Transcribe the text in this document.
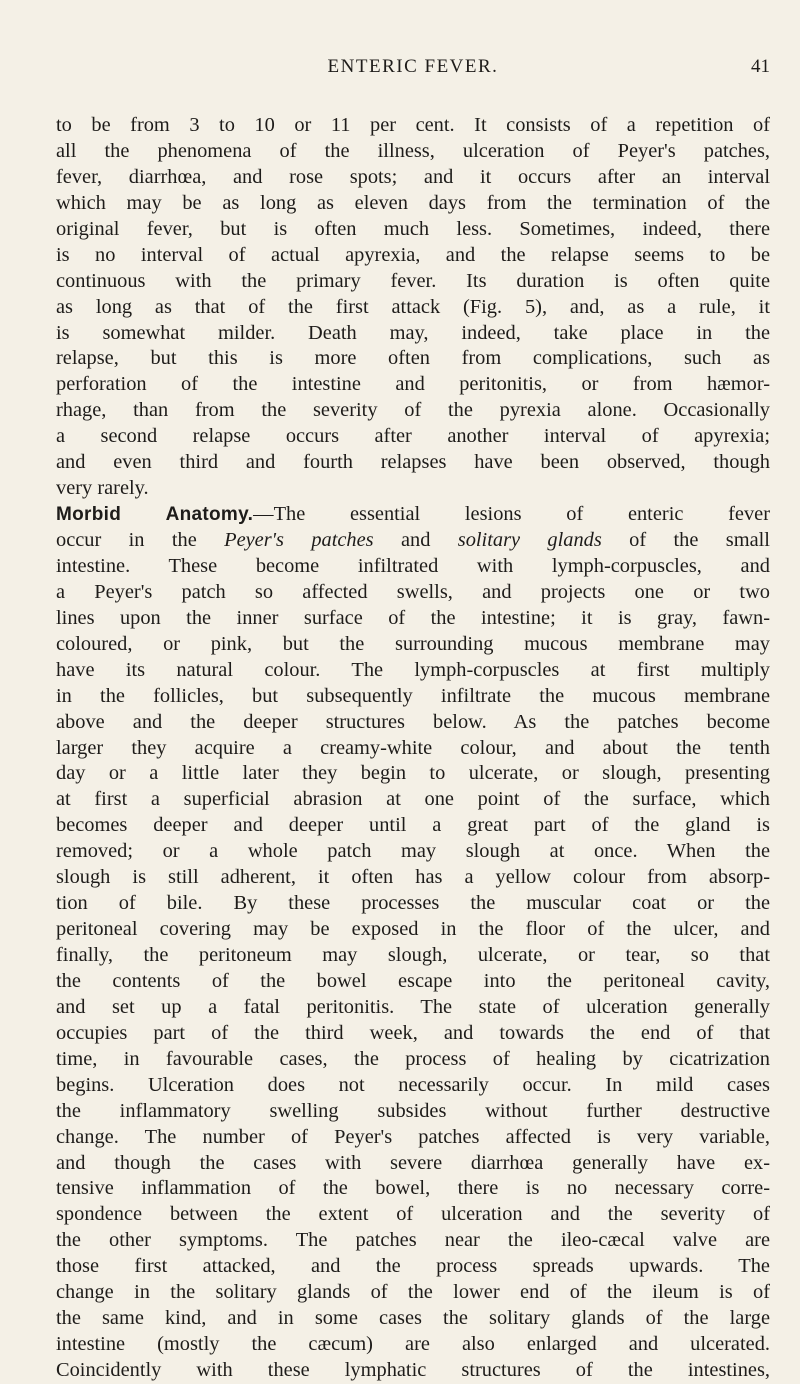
ENTERIC FEVER.	41
to be from 3 to 10 or 11 per cent. It consists of a repetition of
all the phenomena of the illness, ulceration of Peyer's patches,
fever, diarrhœa, and rose spots; and it occurs after an interval
which may be as long as eleven days from the termination of the
original fever, but is often much less. Sometimes, indeed, there
is no interval of actual apyrexia, and the relapse seems to be
continuous with the primary fever. Its duration is often quite
as long as that of the first attack (Fig. 5), and, as a rule, it
is somewhat milder. Death may, indeed, take place in the
relapse, but this is more often from complications, such as
perforation of the intestine and peritonitis, or from hæmor-
rhage, than from the severity of the pyrexia alone. Occasionally
a second relapse occurs after another interval of apyrexia;
and even third and fourth relapses have been observed, though
very rarely.
Morbid Anatomy.—The essential lesions of enteric fever
occur in the Peyer's patches and solitary glands of the small
intestine. These become infiltrated with lymph-corpuscles, and
a Peyer's patch so affected swells, and projects one or two
lines upon the inner surface of the intestine; it is gray, fawn-
coloured, or pink, but the surrounding mucous membrane may
have its natural colour. The lymph-corpuscles at first multiply
in the follicles, but subsequently infiltrate the mucous membrane
above and the deeper structures below. As the patches become
larger they acquire a creamy-white colour, and about the tenth
day or a little later they begin to ulcerate, or slough, presenting
at first a superficial abrasion at one point of the surface, which
becomes deeper and deeper until a great part of the gland is
removed; or a whole patch may slough at once. When the
slough is still adherent, it often has a yellow colour from absorp-
tion of bile. By these processes the muscular coat or the
peritoneal covering may be exposed in the floor of the ulcer, and
finally, the peritoneum may slough, ulcerate, or tear, so that
the contents of the bowel escape into the peritoneal cavity,
and set up a fatal peritonitis. The state of ulceration generally
occupies part of the third week, and towards the end of that
time, in favourable cases, the process of healing by cicatrization
begins. Ulceration does not necessarily occur. In mild cases
the inflammatory swelling subsides without further destructive
change. The number of Peyer's patches affected is very variable,
and though the cases with severe diarrhœa generally have ex-
tensive inflammation of the bowel, there is no necessary corre-
spondence between the extent of ulceration and the severity of
the other symptoms. The patches near the ileo-cæcal valve are
those first attacked, and the process spreads upwards. The
change in the solitary glands of the lower end of the ileum is of
the same kind, and in some cases the solitary glands of the large
intestine (mostly the cæcum) are also enlarged and ulcerated.
Coincidently with these lymphatic structures of the intestines,
